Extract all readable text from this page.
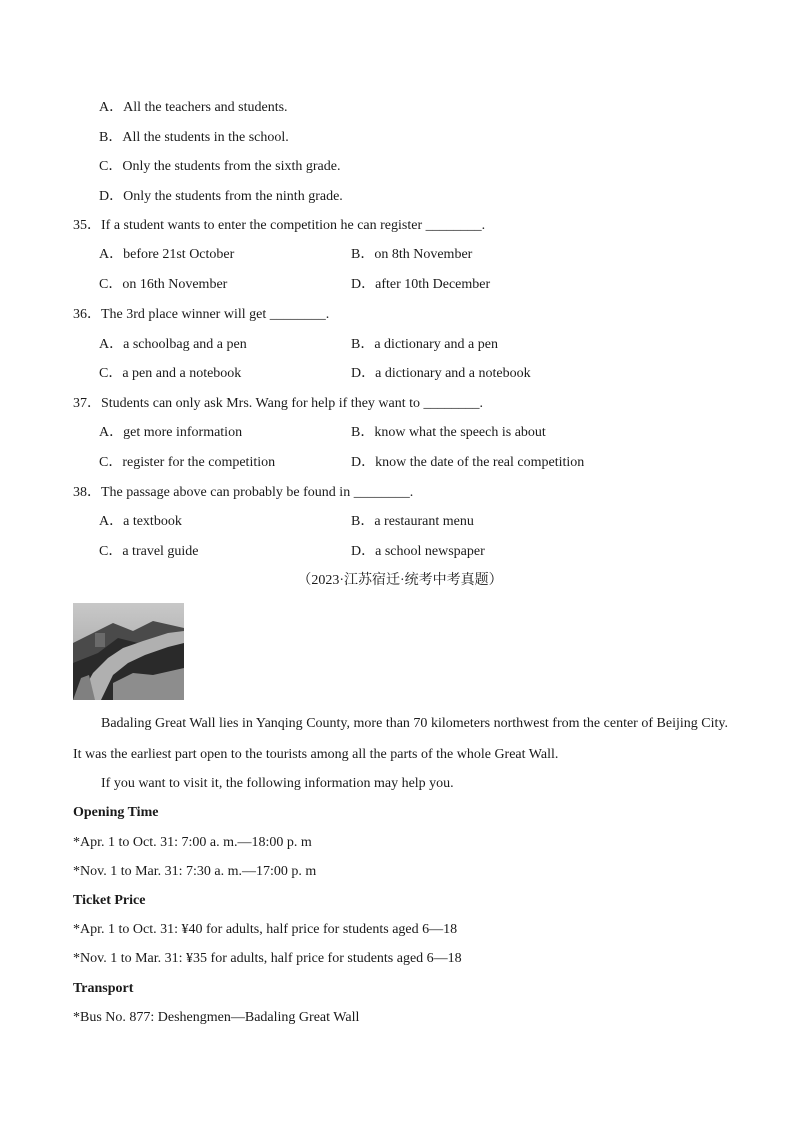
A．All the teachers and students.
B．All the students in the school.
C．Only the students from the sixth grade.
D．Only the students from the ninth grade.
35．If a student wants to enter the competition he can register ________.
A．before 21st October	B．on 8th November
C．on 16th November	D．after 10th December
36．The 3rd place winner will get ________.
A．a schoolbag and a pen	B．a dictionary and a pen
C．a pen and a notebook	D．a dictionary and a notebook
37．Students can only ask Mrs. Wang for help if they want to ________.
A．get more information	B．know what the speech is about
C．register for the competition	D．know the date of the real competition
38．The passage above can probably be found in ________.
A．a textbook	B．a restaurant menu
C．a travel guide	D．a school newspaper
（2023·江苏宿迁·统考中考真题）
Badaling Great Wall lies in Yanqing County, more than 70 kilometers northwest from the center of Beijing City. It was the earliest part open to the tourists among all the parts of the whole Great Wall.
If you want to visit it, the following information may help you.
Opening Time
*Apr. 1 to Oct. 31: 7:00 a. m.—18:00 p. m
*Nov. 1 to Mar. 31: 7:30 a. m.—17:00 p. m
Ticket Price
*Apr. 1 to Oct. 31: ¥40 for adults, half price for students aged 6—18
*Nov. 1 to Mar. 31: ¥35 for adults, half price for students aged 6—18
Transport
*Bus No. 877: Deshengmen—Badaling Great Wall
